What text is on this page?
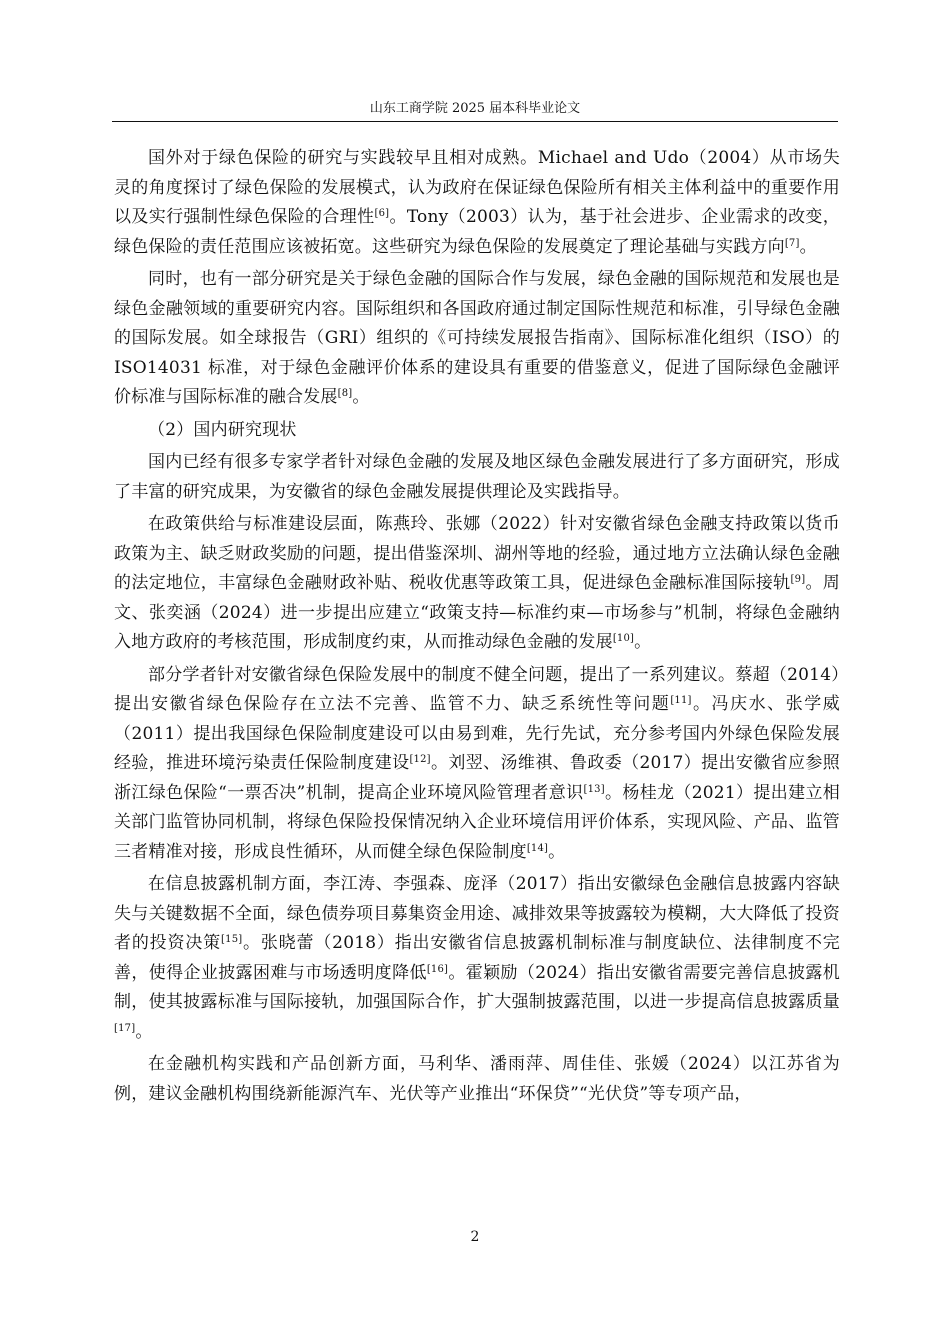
山东工商学院 2025 届本科毕业论文

国外对于绿色保险的研究与实践较早且相对成熟。Michael and Udo（2004）从市场失灵的角度探讨了绿色保险的发展模式，认为政府在保证绿色保险所有相关主体利益中的重要作用以及实行强制性绿色保险的合理性[6]。Tony（2003）认为，基于社会进步、企业需求的改变，绿色保险的责任范围应该被拓宽。这些研究为绿色保险的发展奠定了理论基础与实践方向[7]。

同时，也有一部分研究是关于绿色金融的国际合作与发展，绿色金融的国际规范和发展也是绿色金融领域的重要研究内容。国际组织和各国政府通过制定国际性规范和标准，引导绿色金融的国际发展。如全球报告（GRI）组织的《可持续发展报告指南》、国际标准化组织（ISO）的 ISO14031 标准，对于绿色金融评价体系的建设具有重要的借鉴意义，促进了国际绿色金融评价标准与国际标准的融合发展[8]。

（2）国内研究现状

国内已经有很多专家学者针对绿色金融的发展及地区绿色金融发展进行了多方面研究，形成了丰富的研究成果，为安徽省的绿色金融发展提供理论及实践指导。

在政策供给与标准建设层面，陈燕玲、张娜（2022）针对安徽省绿色金融支持政策以货币政策为主、缺乏财政奖励的问题，提出借鉴深圳、湖州等地的经验，通过地方立法确认绿色金融的法定地位，丰富绿色金融财政补贴、税收优惠等政策工具，促进绿色金融标准国际接轨[9]。周文、张奕涵（2024）进一步提出应建立“政策支持—标准约束—市场参与”机制，将绿色金融纳入地方政府的考核范围，形成制度约束，从而推动绿色金融的发展[10]。

部分学者针对安徽省绿色保险发展中的制度不健全问题，提出了一系列建议。蔡超（2014）提出安徽省绿色保险存在立法不完善、监管不力、缺乏系统性等问题[11]。冯庆水、张学威（2011）提出我国绿色保险制度建设可以由易到难，先行先试，充分参考国内外绿色保险发展经验，推进环境污染责任保险制度建设[12]。刘翌、汤维祺、鲁政委（2017）提出安徽省应参照浙江绿色保险“一票否决”机制，提高企业环境风险管理者意识[13]。杨桂龙（2021）提出建立相关部门监管协同机制，将绿色保险投保情况纳入企业环境信用评价体系，实现风险、产品、监管三者精准对接，形成良性循环，从而健全绿色保险制度[14]。

在信息披露机制方面，李江涛、李强森、庞泽（2017）指出安徽绿色金融信息披露内容缺失与关键数据不全面，绿色债券项目募集资金用途、减排效果等披露较为模糊，大大降低了投资者的投资决策[15]。张晓蕾（2018）指出安徽省信息披露机制标准与制度缺位、法律制度不完善，使得企业披露困难与市场透明度降低[16]。霍颖励（2024）指出安徽省需要完善信息披露机制，使其披露标准与国际接轨，加强国际合作，扩大强制披露范围，以进一步提高信息披露质量[17]。

在金融机构实践和产品创新方面，马利华、潘雨萍、周佳佳、张媛（2024）以江苏省为例，建议金融机构围绕新能源汽车、光伏等产业推出“环保贷”“光伏贷”等专项产品，

2
